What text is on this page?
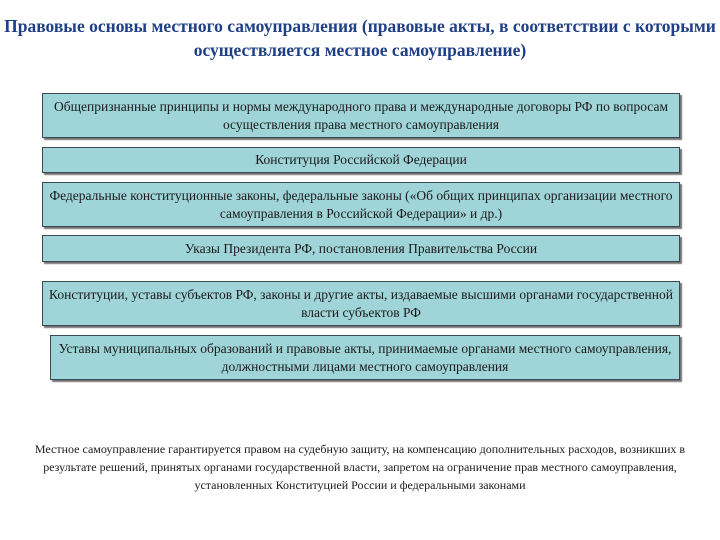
Правовые основы местного самоуправления (правовые акты, в соответствии с которыми осуществляется местное самоуправление)
Общепризнанные принципы и нормы международного права и международные договоры РФ по вопросам осуществления права местного самоуправления
Конституция Российской Федерации
Федеральные конституционные законы, федеральные законы («Об общих принципах организации местного самоуправления в Российской Федерации» и др.)
Указы Президента РФ, постановления Правительства России
Конституции, уставы субъектов РФ, законы и другие акты, издаваемые высшими органами государственной власти субъектов РФ
Уставы муниципальных образований и правовые акты, принимаемые органами местного самоуправления, должностными лицами местного самоуправления
Местное самоуправление гарантируется правом на судебную защиту, на компенсацию дополнительных расходов, возникших в результате решений, принятых органами государственной власти, запретом на ограничение прав местного самоуправления, установленных Конституцией России и федеральными законами
